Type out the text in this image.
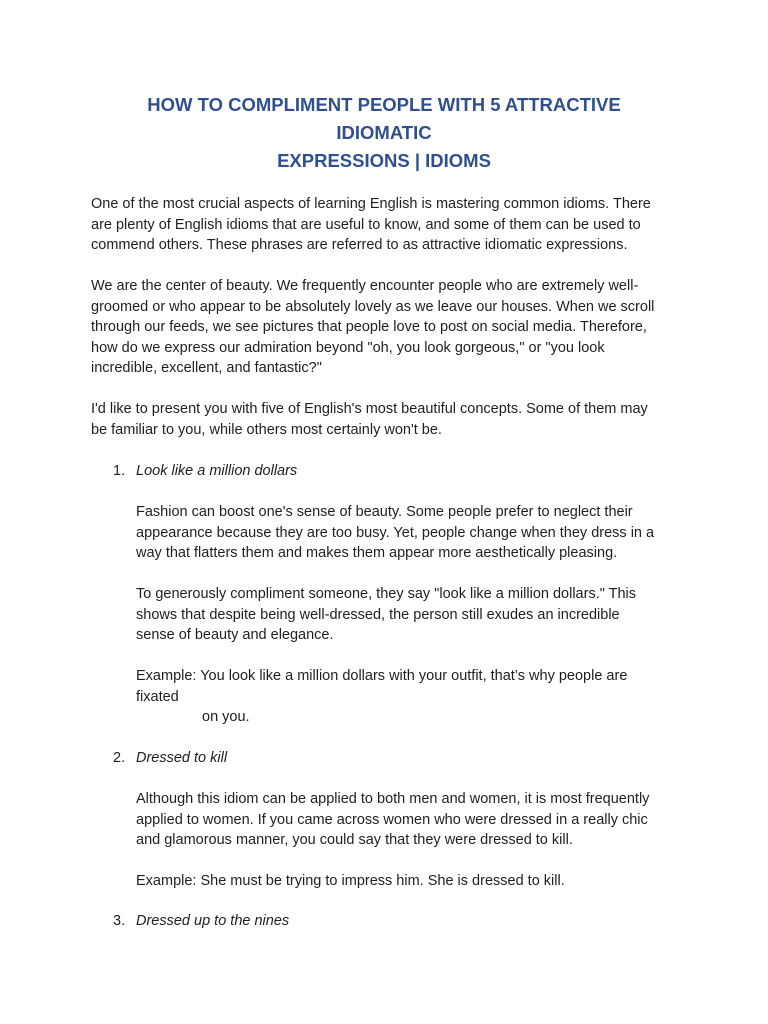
HOW TO COMPLIMENT PEOPLE WITH 5 ATTRACTIVE
IDIOMATIC
EXPRESSIONS | IDIOMS

One of the most crucial aspects of learning English is mastering common idioms. There
are plenty of English idioms that are useful to know, and some of them can be used to
commend others. These phrases are referred to as attractive idiomatic expressions.

We are the center of beauty. We frequently encounter people who are extremely well-
groomed or who appear to be absolutely lovely as we leave our houses. When we scroll
through our feeds, we see pictures that people love to post on social media. Therefore,
how do we express our admiration beyond "oh, you look gorgeous," or "you look
incredible, excellent, and fantastic?"

I'd like to present you with five of English's most beautiful concepts. Some of them may
be familiar to you, while others most certainly won't be.

1. Look like a million dollars

Fashion can boost one's sense of beauty. Some people prefer to neglect their
appearance because they are too busy. Yet, people change when they dress in a
way that flatters them and makes them appear more aesthetically pleasing.

To generously compliment someone, they say "look like a million dollars." This
shows that despite being well-dressed, the person still exudes an incredible
sense of beauty and elegance.

Example: You look like a million dollars with your outfit, that’s why people are
fixated
on you.

2. Dressed to kill

Although this idiom can be applied to both men and women, it is most frequently
applied to women. If you came across women who were dressed in a really chic
and glamorous manner, you could say that they were dressed to kill.

Example: She must be trying to impress him. She is dressed to kill.

3. Dressed up to the nines
